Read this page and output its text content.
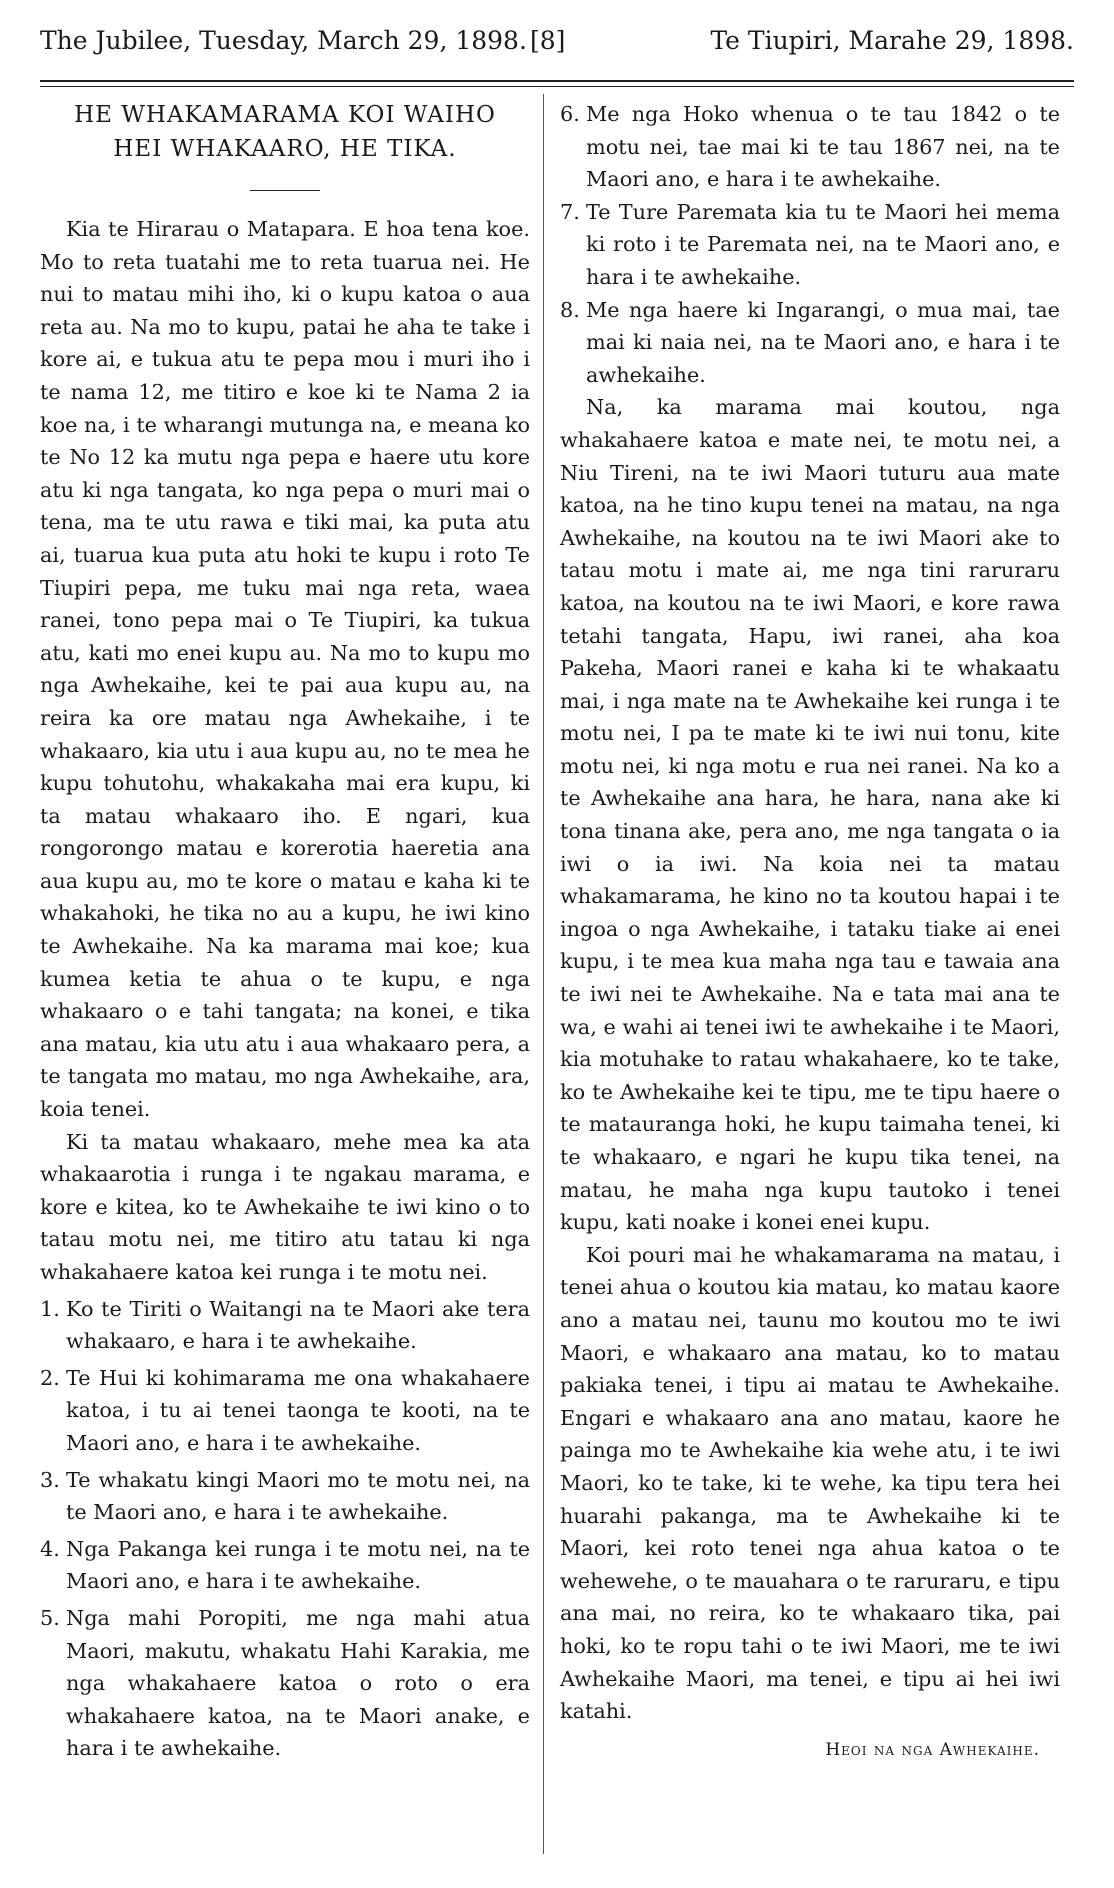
The Jubilee, Tuesday, March 29, 1898. [8]	Te Tiupiri, Marahe 29, 1898.
HE WHAKAMARAMA KOI WAIHO
HEI WHAKAARO, HE TIKA.

Kia te Hirarau o Matapara. E hoa tena koe. Mo to reta tuatahi me to reta tuarua nei. He nui to matau mihi iho, ki o kupu katoa o aua reta au. Na mo to kupu, patai he aha te take i kore ai, e tukua atu te pepa mou i muri iho i te nama 12, me titiro e koe ki te Nama 2 ia koe na, i te wharangi mutunga na, e meana ko te No 12 ka mutu nga pepa e haere utu kore atu ki nga tangata, ko nga pepa o muri mai o tena, ma te utu rawa e tiki mai, ka puta atu ai, tuarua kua puta atu hoki te kupu i roto Te Tiupiri pepa, me tuku mai nga reta, waea ranei, tono pepa mai o Te Tiupiri, ka tukua atu, kati mo enei kupu au. Na mo to kupu mo nga Awhekaihe, kei te pai aua kupu au, na reira ka ore matau nga Awhekaihe, i te whakaaro, kia utu i aua kupu au, no te mea he kupu tohutohu, whakakaha mai era kupu, ki ta matau whakaaro iho. E ngari, kua rongorongo matau e korerotia haeretia ana aua kupu au, mo te kore o matau e kaha ki te whakahoki, he tika no au a kupu, he iwi kino te Awhekaihe. Na ka marama mai koe; kua kumea ketia te ahua o te kupu, e nga whakaaro o e tahi tangata; na konei, e tika ana matau, kia utu atu i aua whakaaro pera, a te tangata mo matau, mo nga Awhekaihe, ara, koia tenei.

Ki ta matau whakaaro, mehe mea ka ata whakaarotia i runga i te ngakau marama, e kore e kitea, ko te Awhekaihe te iwi kino o to tatau motu nei, me titiro atu tatau ki nga whakahaere katoa kei runga i te motu nei.

1. Ko te Tiriti o Waitangi na te Maori ake tera whakaaro, e hara i te awhekaihe.
2. Te Hui ki kohimarama me ona whakahaere katoa, i tu ai tenei taonga te kooti, na te Maori ano, e hara i te awhekaihe.
3. Te whakatu kingi Maori mo te motu nei, na te Maori ano, e hara i te awhekaihe.
4. Nga Pakanga kei runga i te motu nei, na te Maori ano, e hara i te awhekaihe.
5. Nga mahi Poropiti, me nga mahi atua Maori, makutu, whakatu Hahi Karakia, me nga whakahaere katoa o roto o era whakahaere katoa, na te Maori anake, e hara i te awhekaihe.
6. Me nga Hoko whenua o te tau 1842 o te motu nei, tae mai ki te tau 1867 nei, na te Maori ano, e hara i te awhekaihe.
7. Te Ture Paremata kia tu te Maori hei mema ki roto i te Paremata nei, na te Maori ano, e hara i te awhekaihe.
8. Me nga haere ki Ingarangi, o mua mai, tae mai ki naia nei, na te Maori ano, e hara i te awhekaihe.

Na, ka marama mai koutou, nga whakahaere katoa e mate nei, te motu nei, a Niu Tireni, na te iwi Maori tuturu aua mate katoa, na he tino kupu tenei na matau, na nga Awhekaihe, na koutou na te iwi Maori ake to tatau motu i mate ai, me nga tini raruraru katoa, na koutou na te iwi Maori, e kore rawa tetahi tangata, Hapu, iwi ranei, aha koa Pakeha, Maori ranei e kaha ki te whakaatu mai, i nga mate na te Awhekaihe kei runga i te motu nei, I pa te mate ki te iwi nui tonu, kite motu nei, ki nga motu e rua nei ranei. Na ko a te Awhekaihe ana hara, he hara, nana ake ki tona tinana ake, pera ano, me nga tangata o ia iwi o ia iwi. Na koia nei ta matau whakamarama, he kino no ta koutou hapai i te ingoa o nga Awhekaihe, i tataku tiake ai enei kupu, i te mea kua maha nga tau e tawaia ana te iwi nei te Awhekaihe. Na e tata mai ana te wa, e wahi ai tenei iwi te awhekaihe i te Maori, kia motuhake to ratau whakahaere, ko te take, ko te Awhekaihe kei te tipu, me te tipu haere o te matauranga hoki, he kupu taimaha tenei, ki te whakaaro, e ngari he kupu tika tenei, na matau, he maha nga kupu tautoko i tenei kupu, kati noake i konei enei kupu.

Koi pouri mai he whakamarama na matau, i tenei ahua o koutou kia matau, ko matau kaore ano a matau nei, taunu mo koutou mo te iwi Maori, e whakaaro ana matau, ko to matau pakiaka tenei, i tipu ai matau te Awhekaihe. Engari e whakaaro ana ano matau, kaore he painga mo te Awhekaihe kia wehe atu, i te iwi Maori, ko te take, ki te wehe, ka tipu tera hei huarahi pakanga, ma te Awhekaihe ki te Maori, kei roto tenei nga ahua katoa o te wehewehe, o te mauahara o te raruraru, e tipu ana mai, no reira, ko te whakaaro tika, pai hoki, ko te ropu tahi o te iwi Maori, me te iwi Awhekaihe Maori, ma tenei, e tipu ai hei iwi katahi.

Heoi na nga Awhekaihe.
